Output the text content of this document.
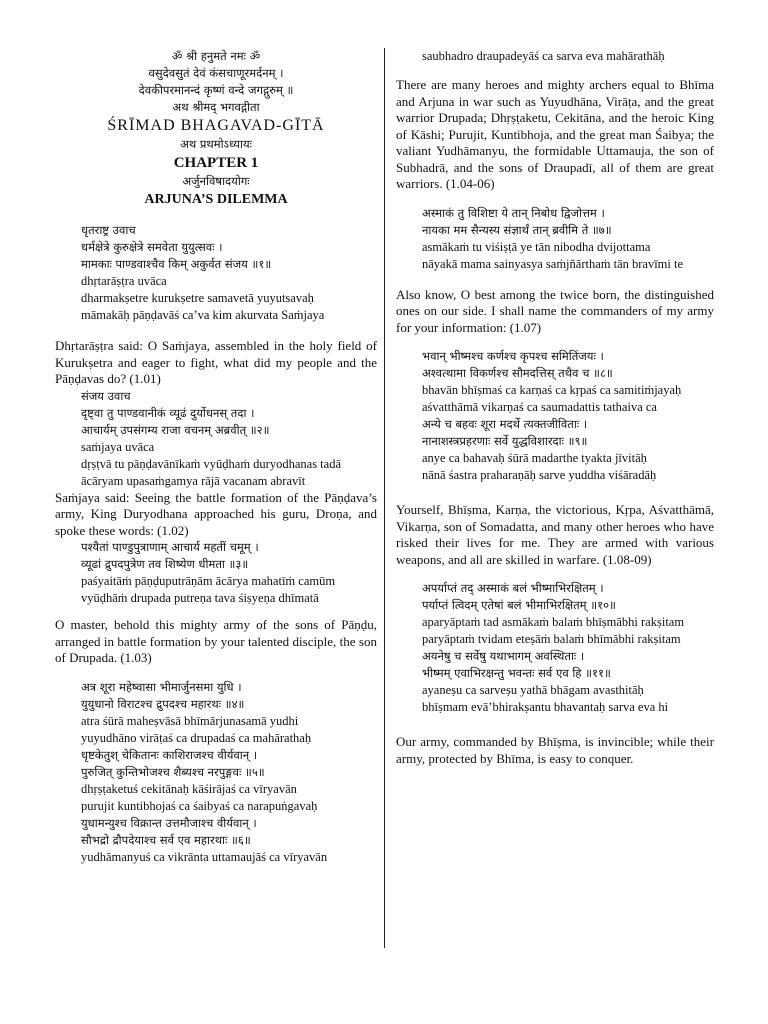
ॐ श्री हनुमते नमः ॐ
वसुदेवसुतं देवं कंसचाणूरमर्दनम् ।
देवकीपरमानन्दं कृष्णं वन्दे जगद्गुरुम् ॥
अथ श्रीमद् भगवद्गीता
ŚRĪMAD BHAGAVAD-GĪTĀ
अथ प्रथमोऽध्यायः
CHAPTER 1
अर्जुनविषादयोगः
ARJUNA’S DILEMMA

धृतराष्ट्र उवाच

धर्मक्षेत्रे कुरुक्षेत्रे समवेता युयुत्सवः ।

मामकाः पाण्डवाश्चैव किम् अकुर्वत संजय ॥१॥

dhṛtarāṣṭra uvāca

dharmakṣetre kurukṣetre samavetā yuyutsavaḥ

māmakāḥ pāṇḍavāś ca’va kim akurvata Saṁjaya

Dhṛtarāṣṭra said: O Saṁjaya, assembled in the holy field of Kurukṣetra and eager to fight, what did my people and the Pāṇḍavas do? (1.01)

संजय उवाच

दृष्ट्वा तु पाण्डवानीकं व्यूढं दुर्योधनस् तदा ।

आचार्यम् उपसंगम्य राजा वचनम् अब्रवीत् ॥२॥

saṁjaya uvāca

dṛṣṭvā tu pāṇḍavānīkaṁ vyūḍhaṁ duryodhanas tadā

ācāryam upasaṁgamya rājā vacanam abravīt

Saṁjaya said: Seeing the battle formation of the Pāṇḍava’s army, King Duryodhana approached his guru, Droṇa, and spoke these words: (1.02)

पश्यैतां पाण्डुपुत्राणाम् आचार्य महतीं चमूम् ।

व्यूढां द्रुपदपुत्रेण तव शिष्येण धीमता ॥३॥

paśyaitāṁ pāṇḍuputrāṇām ācārya mahatīṁ camūm

vyūḍhāṁ drupada putreṇa tava śiṣyeṇa dhīmatā

O master, behold this mighty army of the sons of Pāṇḍu, arranged in battle formation by your talented disciple, the son of Drupada. (1.03)

अत्र शूरा महेष्वासा भीमार्जुनसमा युधि ।

युयुधानो विराटश्च द्रुपदश्च महारथः ॥४॥

atra śūrā maheṣvāsā bhīmārjunasamā yudhi

yuyudhāno virāṭaś ca drupadaś ca mahārathaḥ

धृष्टकेतुश् चेकितानः काशिराजश्च वीर्यवान् ।

पुरुजित् कुन्तिभोजश्च शैब्यश्च नरपुङ्गवः ॥५॥

dhṛṣṭaketuś cekitānaḥ kāśirājaś ca vīryavān

purujit kuntibhojaś ca śaibyaś ca narapuṅgavaḥ

युधामन्युश्च विक्रान्त उत्तमौजाश्च वीर्यवान् ।

सौभद्रो द्रौपदेयाश्च सर्व एव महारथाः ॥६॥

yudhāmanyuś ca vikrānta uttamaujāś ca vīryavān

saubhadro draupadeyāś ca sarva eva mahārathāḥ

There are many heroes and mighty archers equal to Bhīma and Arjuna in war such as Yuyudhāna, Virāṭa, and the great warrior Drupada; Dhṛṣṭaketu, Cekitāna, and the heroic King of Kāshi; Purujit, Kuntibhoja, and the great man Śaibya; the valiant Yudhāmanyu, the formidable Uttamauja, the son of Subhadrā, and the sons of Draupadī, all of them are great warriors. (1.04-06)

अस्माकं तु विशिष्टा ये तान् निबोध द्विजोत्तम ।

नायका मम सैन्यस्य संज्ञार्थं तान् ब्रवीमि ते ॥७॥

asmākaṁ tu viśiṣṭā ye tān nibodha dvijottama

nāyakā mama sainyasya saṁjñārthaṁ tān bravīmi te

Also know, O best among the twice born, the distinguished ones on our side. I shall name the commanders of my army for your information: (1.07)

भवान् भीष्मश्च कर्णश्च कृपश्च समितिंजयः ।

अश्वत्थामा विकर्णश्च सौमदत्तिस् तथैव च ॥८॥

bhavān bhīṣmaś ca karṇaś ca kṛpaś ca samitiṁjayaḥ

aśvatthāmā vikarṇaś ca saumadattis tathaiva ca

अन्ये च बहवः शूरा मदर्थे त्यक्तजीविताः ।

नानाशस्त्रप्रहरणाः सर्वे युद्धविशारदाः ॥९॥

anye ca bahavaḥ śūrā madarthe tyakta jīvitāḥ

nānā śastra praharaṇāḥ sarve yuddha viśāradāḥ

Yourself, Bhīṣma, Karṇa, the victorious, Kṛpa, Aśvatthāmā, Vikarṇa, son of Somadatta, and many other heroes who have risked their lives for me. They are armed with various weapons, and all are skilled in warfare. (1.08-09)

अपर्याप्तं तद् अस्माकं बलं भीष्माभिरक्षितम् ।

पर्याप्तं त्विदम् एतेषां बलं भीमाभिरक्षितम् ॥१०॥

aparyāptaṁ tad asmākaṁ balaṁ bhīṣmābhi rakṣitam

paryāptaṁ tvidam eteṣāṁ balaṁ bhīmābhi rakṣitam

अयनेषु च सर्वेषु यथाभागम् अवस्थिताः ।

भीष्मम् एवाभिरक्षन्तु भवन्तः सर्व एव हि ॥११॥

ayaneṣu ca sarveṣu yathā bhāgam avasthitāḥ

bhīṣmam evā’bhirakṣantu bhavantaḥ sarva eva hi

Our army, commanded by Bhīṣma, is invincible; while their army, protected by Bhīma, is easy to conquer.
